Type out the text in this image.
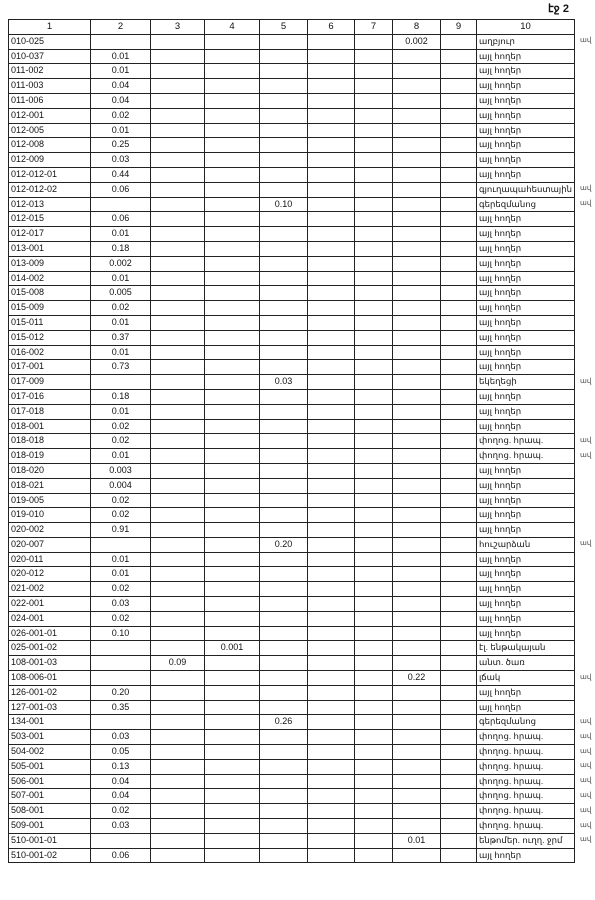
էջ 2
1	2	3	4	5	6	7	8	9	10
010-025							0.002		աղբյուր
010-037	0.01								այլ հողեր
011-002	0.01								այլ հողեր
011-003	0.04								այլ հողեր
011-006	0.04								այլ հողեր
012-001	0.02								այլ հողեր
012-005	0.01								այլ հողեր
012-008	0.25								այլ հողեր
012-009	0.03								այլ հողեր
012-012-01	0.44								այլ հողեր
012-012-02	0.06								գյուղապահեստային
012-013				0.10					գերեզմանոց
012-015	0.06								այլ հողեր
012-017	0.01								այլ հողեր
013-001	0.18								այլ հողեր
013-009	0.002								այլ հողեր
014-002	0.01								այլ հողեր
015-008	0.005								այլ հողեր
015-009	0.02								այլ հողեր
015-011	0.01								այլ հողեր
015-012	0.37								այլ հողեր
016-002	0.01								այլ հողեր
017-001	0.73								այլ հողեր
017-009				0.03					եկեղեցի
017-016	0.18								այլ հողեր
017-018	0.01								այլ հողեր
018-001	0.02								այլ հողեր
018-018	0.02								փողոց. հրապ.
018-019	0.01								փողոց. հրապ.
018-020	0.003								այլ հողեր
018-021	0.004								այլ հողեր
019-005	0.02								այլ հողեր
019-010	0.02								այլ հողեր
020-002	0.91								այլ հողեր
020-007				0.20					հուշարձան
020-011	0.01								այլ հողեր
020-012	0.01								այլ հողեր
021-002	0.02								այլ հողեր
022-001	0.03								այլ հողեր
024-001	0.02								այլ հողեր
026-001-01	0.10								այլ հողեր
025-001-02			0.001						էլ. ենթակայան
108-001-03		0.09							անտ. ծառ
108-006-01							0.22		լճակ
126-001-02	0.20								այլ հողեր
127-001-03	0.35								այլ հողեր
134-001				0.26					գերեզմանոց
503-001	0.03								փողոց. հրապ.
504-002	0.05								փողոց. հրապ.
505-001	0.13								փողոց. հրապ.
506-001	0.04								փողոց. հրապ.
507-001	0.04								փողոց. հրապ.
508-001	0.02								փողոց. հրապ.
509-001	0.03								փողոց. հրապ.
510-001-01							0.01		ենթոմեր. ուղղ. ջրմ
510-001-02	0.06								այլ հողեր
ավ
ավ
ավ
ավ
ավ
ավ
ավ
ավ
ավ
ավ
ավ
ավ
ավ
ավ
ավ
ավ
ավ
